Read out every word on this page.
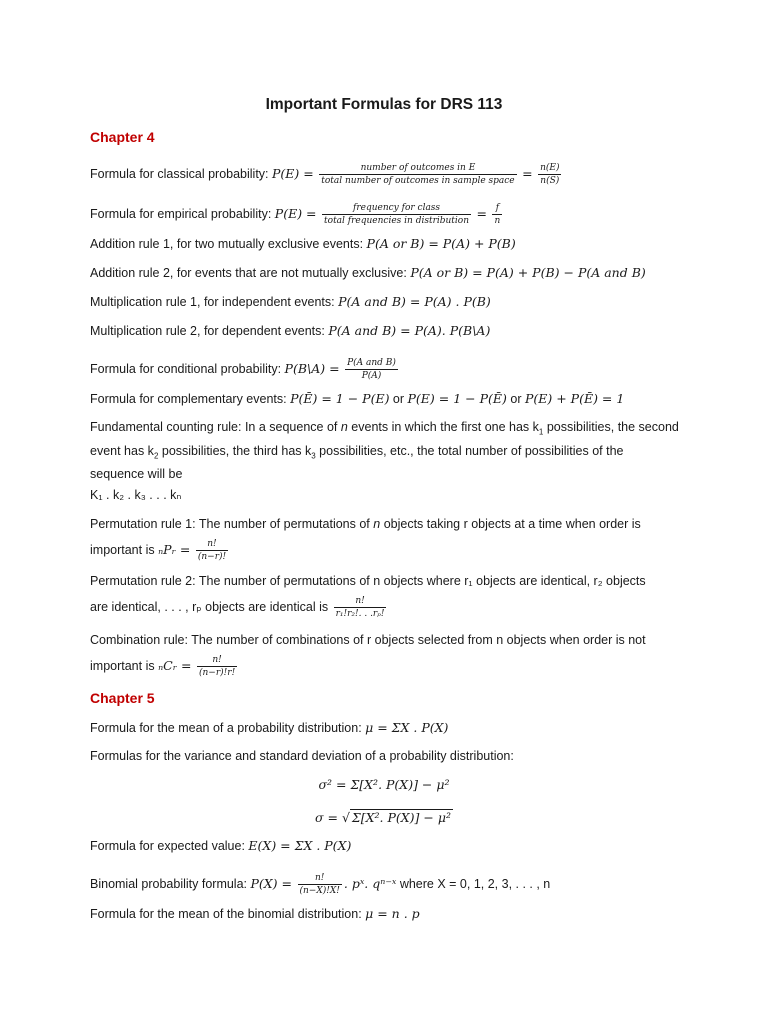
Important Formulas for DRS 113
Chapter 4
Formula for classical probability: $P(E) = \frac{\text{number of outcomes in E}}{\text{total number of outcomes in sample space}} = \frac{n(E)}{n(S)}$
Formula for empirical probability: $P(E) = \frac{\text{frequency for class}}{\text{total frequencies in distribution}} = \frac{f}{n}$
Addition rule 1, for two mutually exclusive events: P(A or B) = P(A) + P(B)
Addition rule 2, for events that are not mutually exclusive: P(A or B) = P(A) + P(B) − P(A and B)
Multiplication rule 1, for independent events: P(A and B) = P(A) . P(B)
Multiplication rule 2, for dependent events: P(A and B) = P(A). P(B\A)
Formula for conditional probability: P(B\A) = $\frac{\text{P(A and B)}}{P(A)}$
Formula for complementary events: P(Ē) = 1 − P(E) or P(E) = 1 − P(Ē) or P(E) + P(Ē) = 1
Fundamental counting rule: In a sequence of n events in which the first one has $k_1$ possibilities, the second event has $k_2$ possibilities, the third has $k_3$ possibilities, etc., the total number of possibilities of the sequence will be
K₁ . k₂ . k₃ . . . kₙ
Permutation rule 1: The number of permutations of n objects taking r objects at a time when order is
important is ₙPᵣ = $\frac{n!}{(n-r)!}$
Permutation rule 2: The number of permutations of n objects where r₁ objects are identical, r₂ objects
are identical, . . . , rₚ objects are identical is $\frac{n!}{\text{r₁!r₂!. . .rₚ!}}$
Combination rule: The number of combinations of r objects selected from n objects when order is not
important is ₙCᵣ = $\frac{n!}{(n-r)!r!}$
Chapter 5
Formula for the mean of a probability distribution: μ = ΣX . P(X)
Formulas for the variance and standard deviation of a probability distribution:
σ² = Σ[X². P(X)] − μ²
σ = √ Σ[X². P(X)] − μ²
Formula for expected value: E(X) = ΣX . P(X)
Binomial probability formula: $P(X) = \frac{n!}{(n-X)!X!}$ . pˣ. qⁿ⁻ˣ where X = 0, 1, 2, 3, . . . , n
Formula for the mean of the binomial distribution: μ = n . p
